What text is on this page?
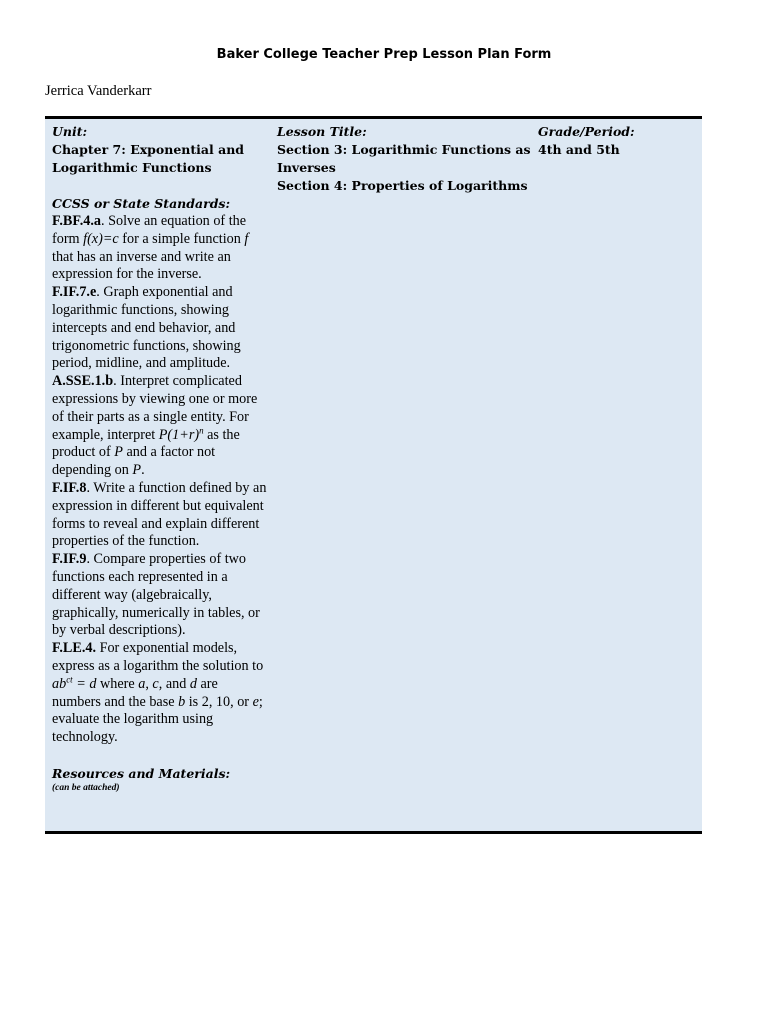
Baker College Teacher Prep Lesson Plan Form
Jerrica Vanderkarr
Unit:
Chapter 7: Exponential and Logarithmic Functions
CCSS or State Standards:

F.BF.4.a. Solve an equation of the form f(x)=c for a simple function f that has an inverse and write an expression for the inverse.

F.IF.7.e. Graph exponential and logarithmic functions, showing intercepts and end behavior, and trigonometric functions, showing period, midline, and amplitude.

A.SSE.1.b. Interpret complicated expressions by viewing one or more of their parts as a single entity. For example, interpret $P(1+r)^n$ as the product of P and a factor not depending on P.

F.IF.8. Write a function defined by an expression in different but equivalent forms to reveal and explain different properties of the function.

F.IF.9. Compare properties of two functions each represented in a different way (algebraically, graphically, numerically in tables, or by verbal descriptions).

F.LE.4. For exponential models, express as a logarithm the solution to $ab^{ct} = d$ where a, c, and d are numbers and the base b is 2, 10, or e; evaluate the logarithm using technology.

Resources and Materials:
(can be attached)
Lesson Title:
Section 3: Logarithmic Functions as Inverses
Section 4: Properties of Logarithms
Grade/Period:
4th and 5th
